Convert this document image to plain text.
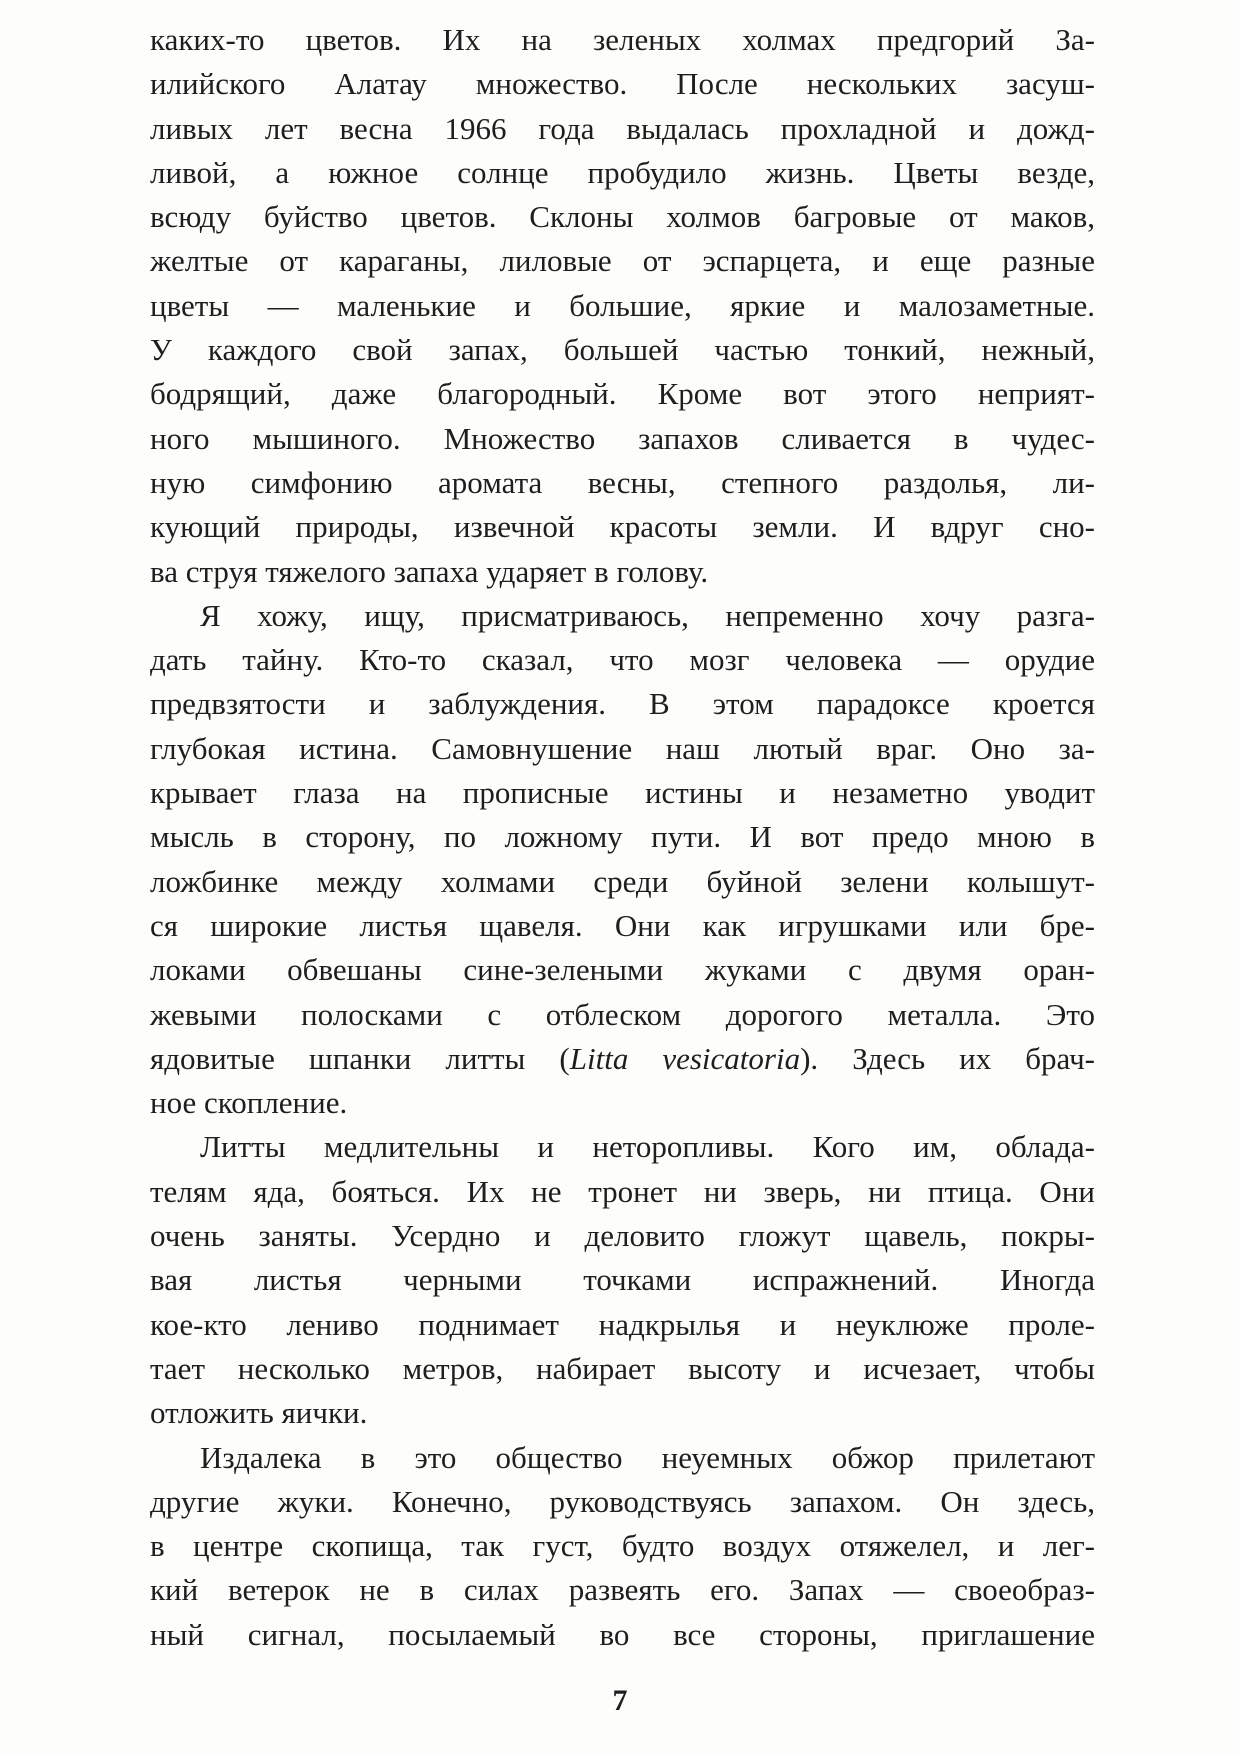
каких-то цветов. Их на зеленых холмах предгорий За-
илийского Алатау множество. После нескольких засуш-
ливых лет весна 1966 года выдалась прохладной и дожд-
ливой, а южное солнце пробудило жизнь. Цветы везде,
всюду буйство цветов. Склоны холмов багровые от маков,
желтые от караганы, лиловые от эспарцета, и еще разные
цветы — маленькие и большие, яркие и малозаметные.
У каждого свой запах, большей частью тонкий, нежный,
бодрящий, даже благородный. Кроме вот этого неприят-
ного мышиного. Множество запахов сливается в чудес-
ную симфонию аромата весны, степного раздолья, ли-
кующий природы, извечной красоты земли. И вдруг сно-
ва струя тяжелого запаха ударяет в голову.
Я хожу, ищу, присматриваюсь, непременно хочу разга-
дать тайну. Кто-то сказал, что мозг человека — орудие
предвзятости и заблуждения. В этом парадоксе кроется
глубокая истина. Самовнушение наш лютый враг. Оно за-
крывает глаза на прописные истины и незаметно уводит
мысль в сторону, по ложному пути. И вот предо мною в
ложбинке между холмами среди буйной зелени колышут-
ся широкие листья щавеля. Они как игрушками или бре-
локами обвешаны сине-зелеными жуками с двумя оран-
жевыми полосками с отблеском дорогого металла. Это
ядовитые шпанки литты (Litta vesicatoria). Здесь их брач-
ное скопление.
Литты медлительны и неторопливы. Кого им, облада-
телям яда, бояться. Их не тронет ни зверь, ни птица. Они
очень заняты. Усердно и деловито гложут щавель, покры-
вая листья черными точками испражнений. Иногда
кое-кто лениво поднимает надкрылья и неуклюже проле-
тает несколько метров, набирает высоту и исчезает, чтобы
отложить яички.
Издалека в это общество неуемных обжор прилетают
другие жуки. Конечно, руководствуясь запахом. Он здесь,
в центре скопища, так густ, будто воздух отяжелел, и лег-
кий ветерок не в силах развеять его. Запах — своеобраз-
ный сигнал, посылаемый во все стороны, приглашение
7
